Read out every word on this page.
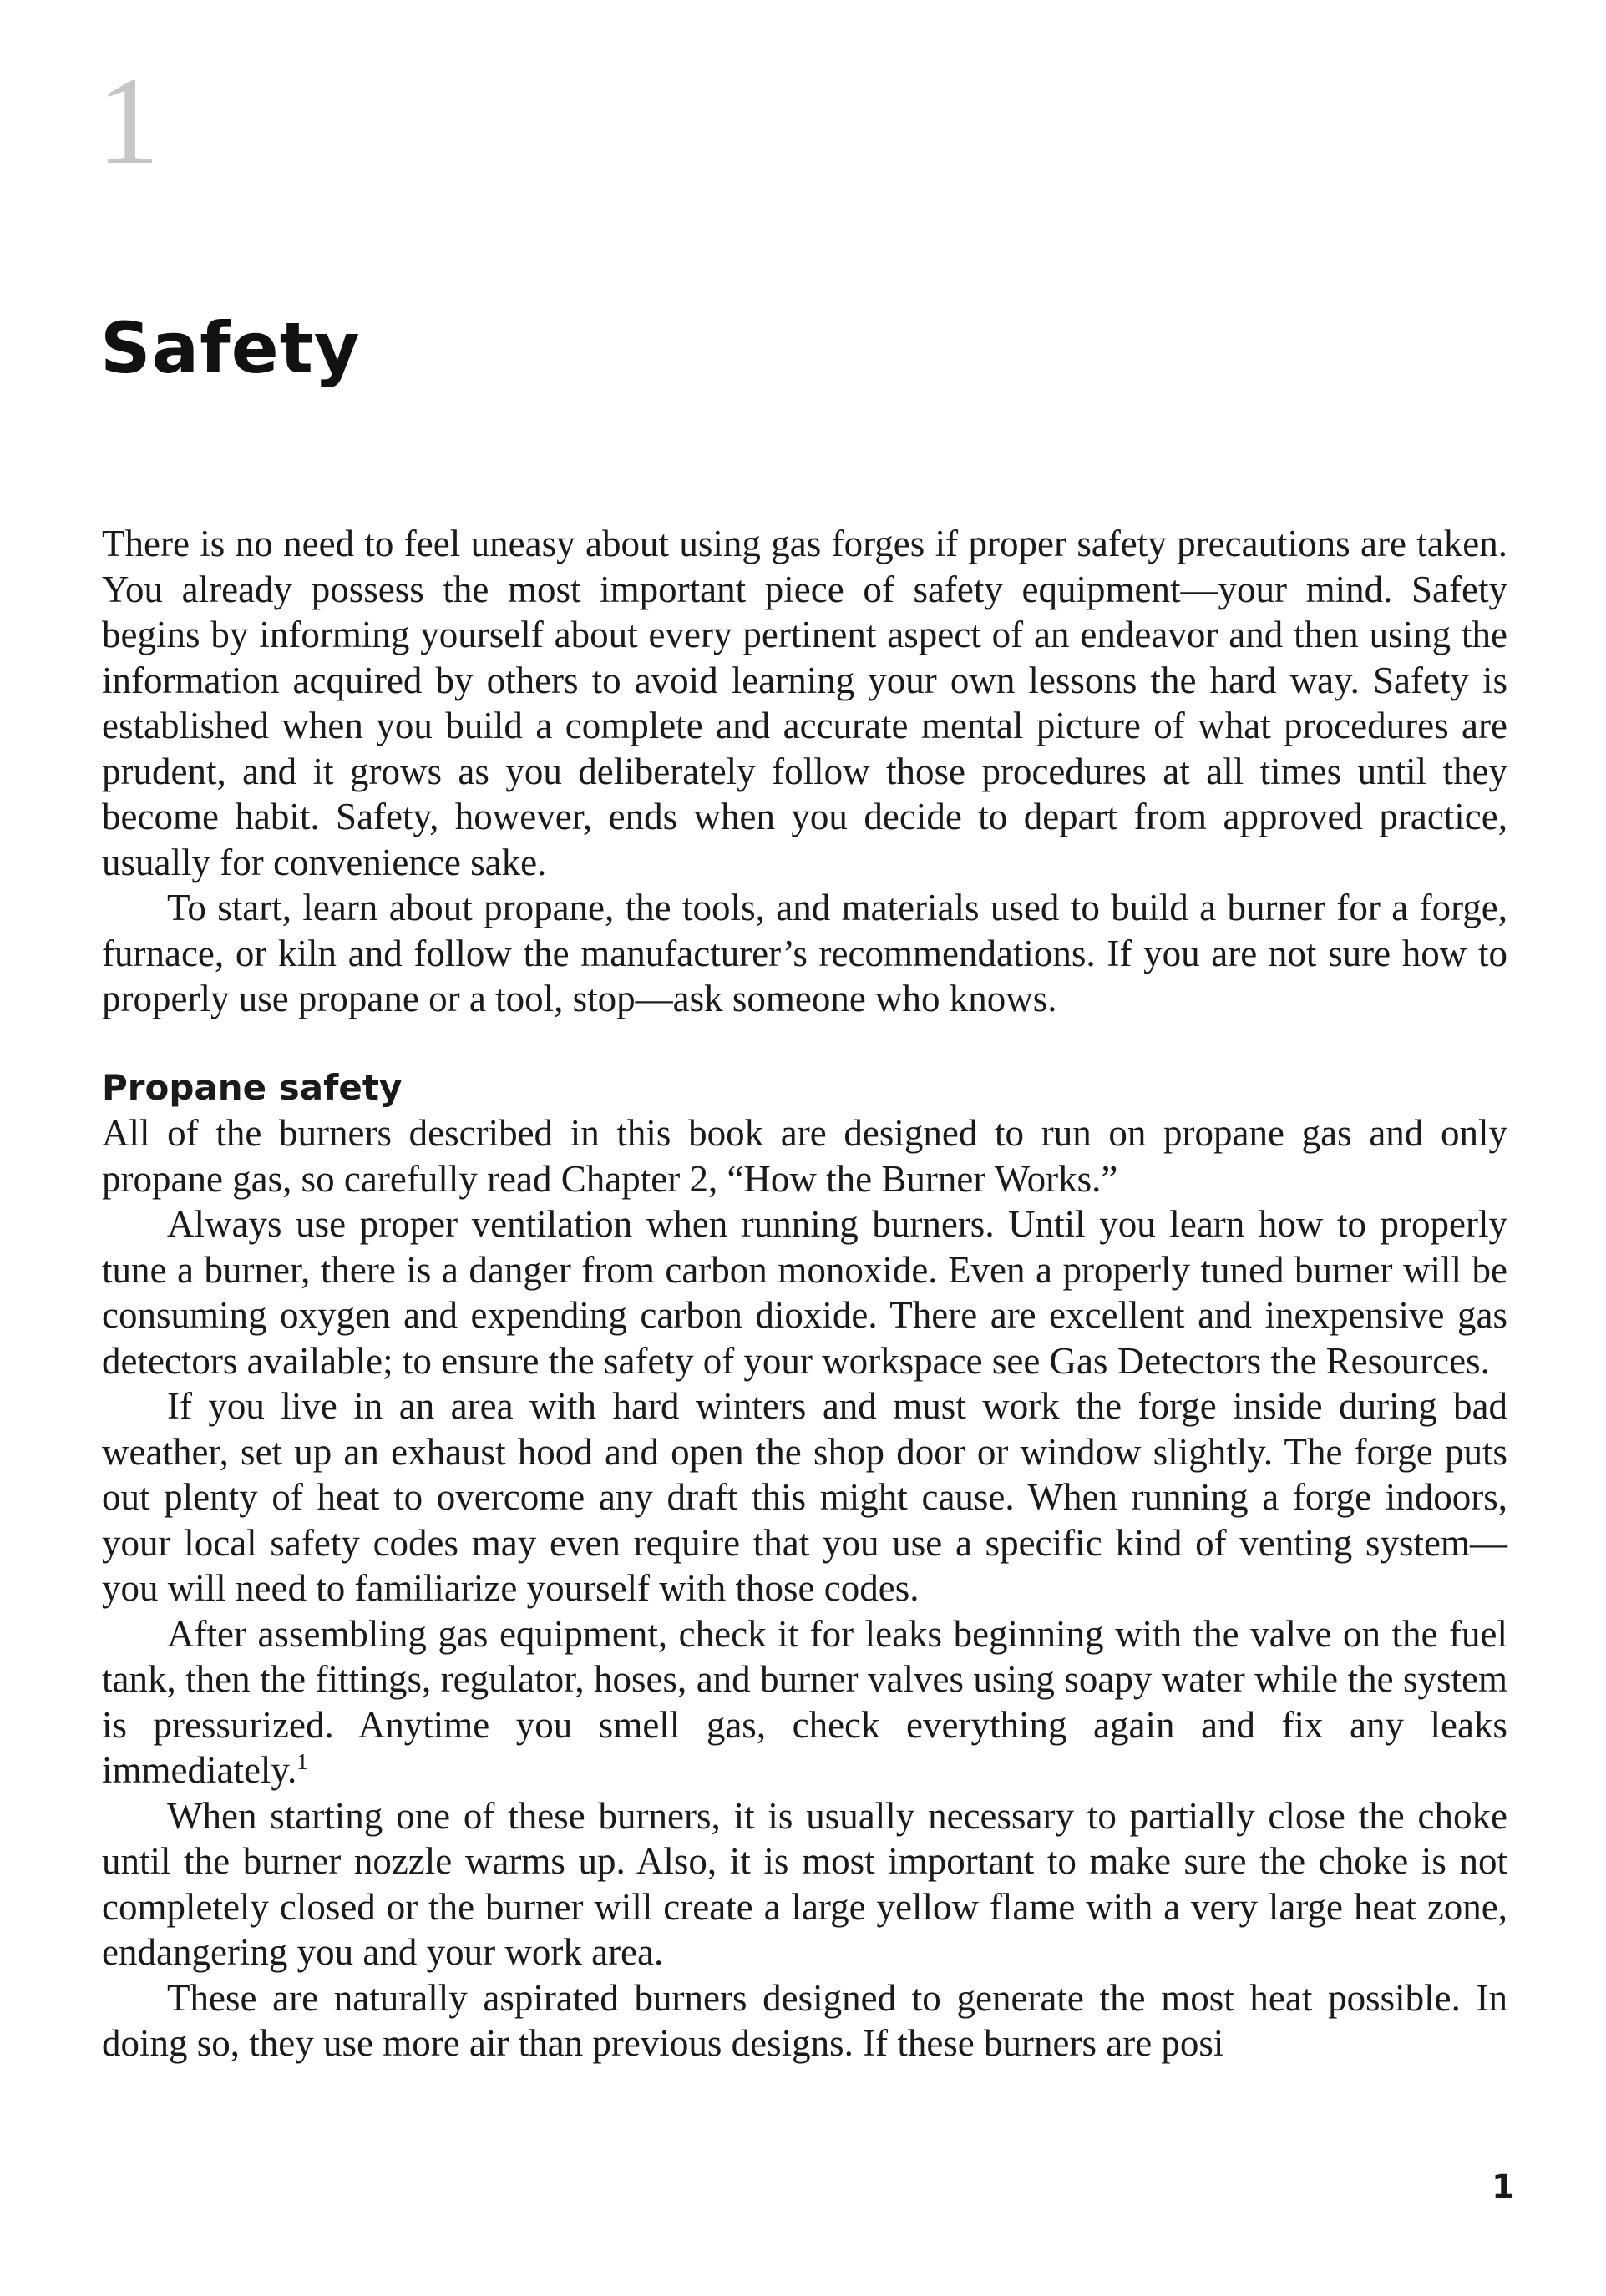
1
Safety

There is no need to feel uneasy about using gas forges if proper safety precautions are taken. You already possess the most important piece of safety equipment—your mind. Safety begins by informing yourself about every pertinent aspect of an endeavor and then using the information acquired by others to avoid learning your own lessons the hard way. Safety is established when you build a complete and accurate mental picture of what procedures are prudent, and it grows as you deliberately follow those procedures at all times until they become habit. Safety, however, ends when you decide to depart from approved practice, usually for convenience sake.

To start, learn about propane, the tools, and materials used to build a burner for a forge, furnace, or kiln and follow the manufacturer’s recommendations. If you are not sure how to properly use propane or a tool, stop—ask someone who knows.

Propane safety

All of the burners described in this book are designed to run on propane gas and only propane gas, so carefully read Chapter 2, “How the Burner Works.”

Always use proper ventilation when running burners. Until you learn how to properly tune a burner, there is a danger from carbon monoxide. Even a properly tuned burner will be consuming oxygen and expending carbon dioxide. There are excellent and inexpensive gas detectors available; to ensure the safety of your workspace see Gas Detectors the Resources.

If you live in an area with hard winters and must work the forge inside during bad weather, set up an exhaust hood and open the shop door or window slightly. The forge puts out plenty of heat to overcome any draft this might cause. When running a forge indoors, your local safety codes may even require that you use a specific kind of venting system—you will need to familiarize yourself with those codes.

After assembling gas equipment, check it for leaks beginning with the valve on the fuel tank, then the fittings, regulator, hoses, and burner valves using soapy water while the system is pressurized. Anytime you smell gas, check everything again and fix any leaks immediately.$^1$

When starting one of these burners, it is usually necessary to partially close the choke until the burner nozzle warms up. Also, it is most important to make sure the choke is not completely closed or the burner will create a large yellow flame with a very large heat zone, endangering you and your work area.

These are naturally aspirated burners designed to generate the most heat possible. In doing so, they use more air than previous designs. If these burners are posi

1
